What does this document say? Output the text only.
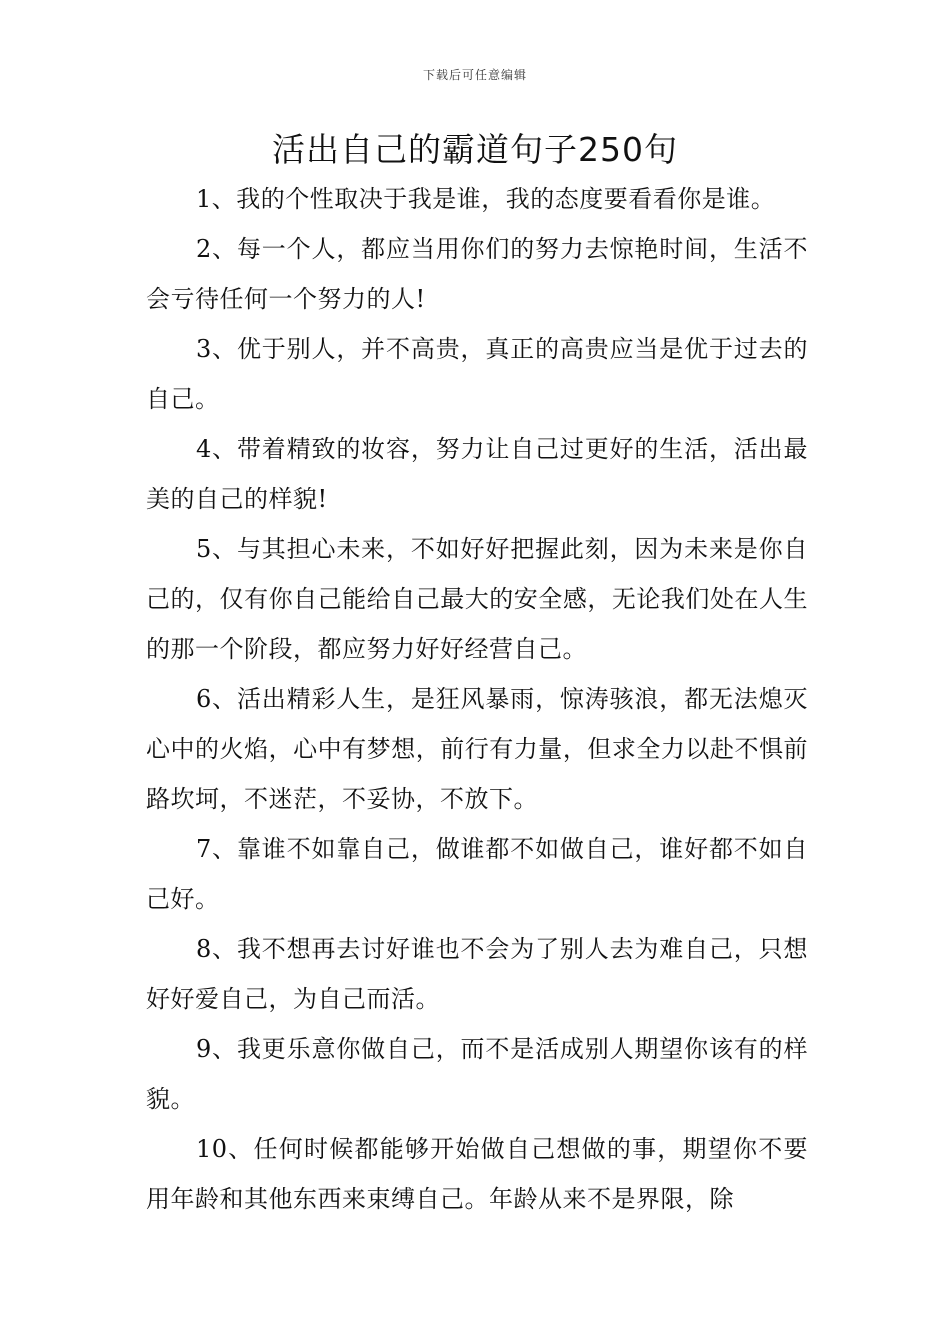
下载后可任意编辑
活出自己的霸道句子250句

1、我的个性取决于我是谁，我的态度要看看你是谁。

2、每一个人，都应当用你们的努力去惊艳时间，生活不会亏待任何一个努力的人!

3、优于别人，并不高贵，真正的高贵应当是优于过去的自己。

4、带着精致的妆容，努力让自己过更好的生活，活出最美的自己的样貌!

5、与其担心未来，不如好好把握此刻，因为未来是你自己的，仅有你自己能给自己最大的安全感，无论我们处在人生的那一个阶段，都应努力好好经营自己。

6、活出精彩人生，是狂风暴雨，惊涛骇浪，都无法熄灭心中的火焰，心中有梦想，前行有力量，但求全力以赴不惧前路坎坷，不迷茫，不妥协，不放下。

7、靠谁不如靠自己，做谁都不如做自己，谁好都不如自己好。

8、我不想再去讨好谁也不会为了别人去为难自己，只想好好爱自己，为自己而活。

9、我更乐意你做自己，而不是活成别人期望你该有的样貌。

10、任何时候都能够开始做自己想做的事，期望你不要用年龄和其他东西来束缚自己。年龄从来不是界限，除
